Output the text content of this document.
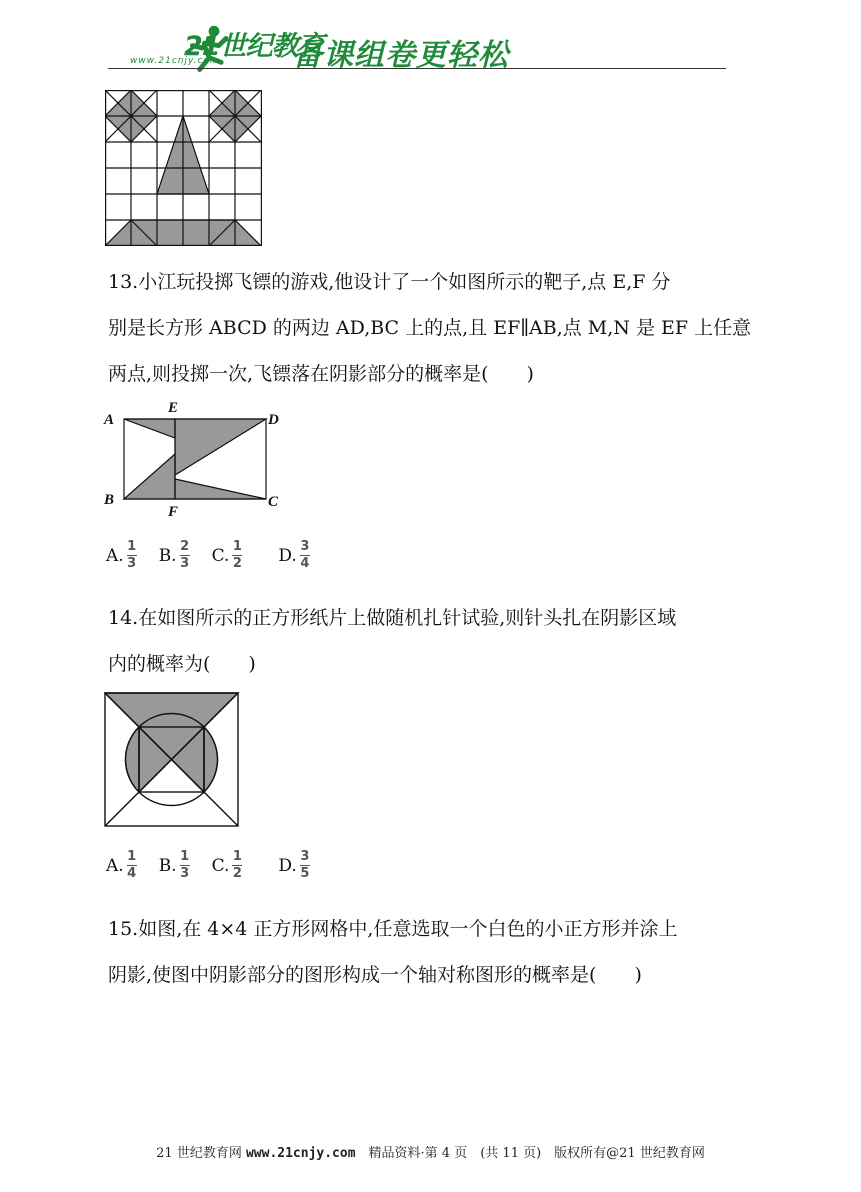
21世纪教育
www.21cnjy.com 备课组卷更轻松
13.小江玩投掷飞镖的游戏,他设计了一个如图所示的靶子,点 E,F 分
别是长方形 ABCD 的两边 AD,BC 上的点,且 EF∥AB,点 M,N 是 EF 上任意
两点,则投掷一次,飞镖落在阴影部分的概率是(　　)
A
B	C
D
E
F
A. $\frac{1}{3} B$. $\frac{2}{3} C$. $\frac{1}{2} D$. $\frac{3}{4}$
14.在如图所示的正方形纸片上做随机扎针试验,则针头扎在阴影区域
内的概率为(　　)
A. $\frac{1}{4} B$. $\frac{1}{3} C$. $\frac{1}{2} D$. $\frac{3}{5}$
15.如图,在 4×4 正方形网格中,任意选取一个白色的小正方形并涂上
阴影,使图中阴影部分的图形构成一个轴对称图形的概率是(　　)
21 世纪教育网 www.21cnjy.com　精品资料·第 4 页　(共 11 页)　版权所有@21 世纪教育网
